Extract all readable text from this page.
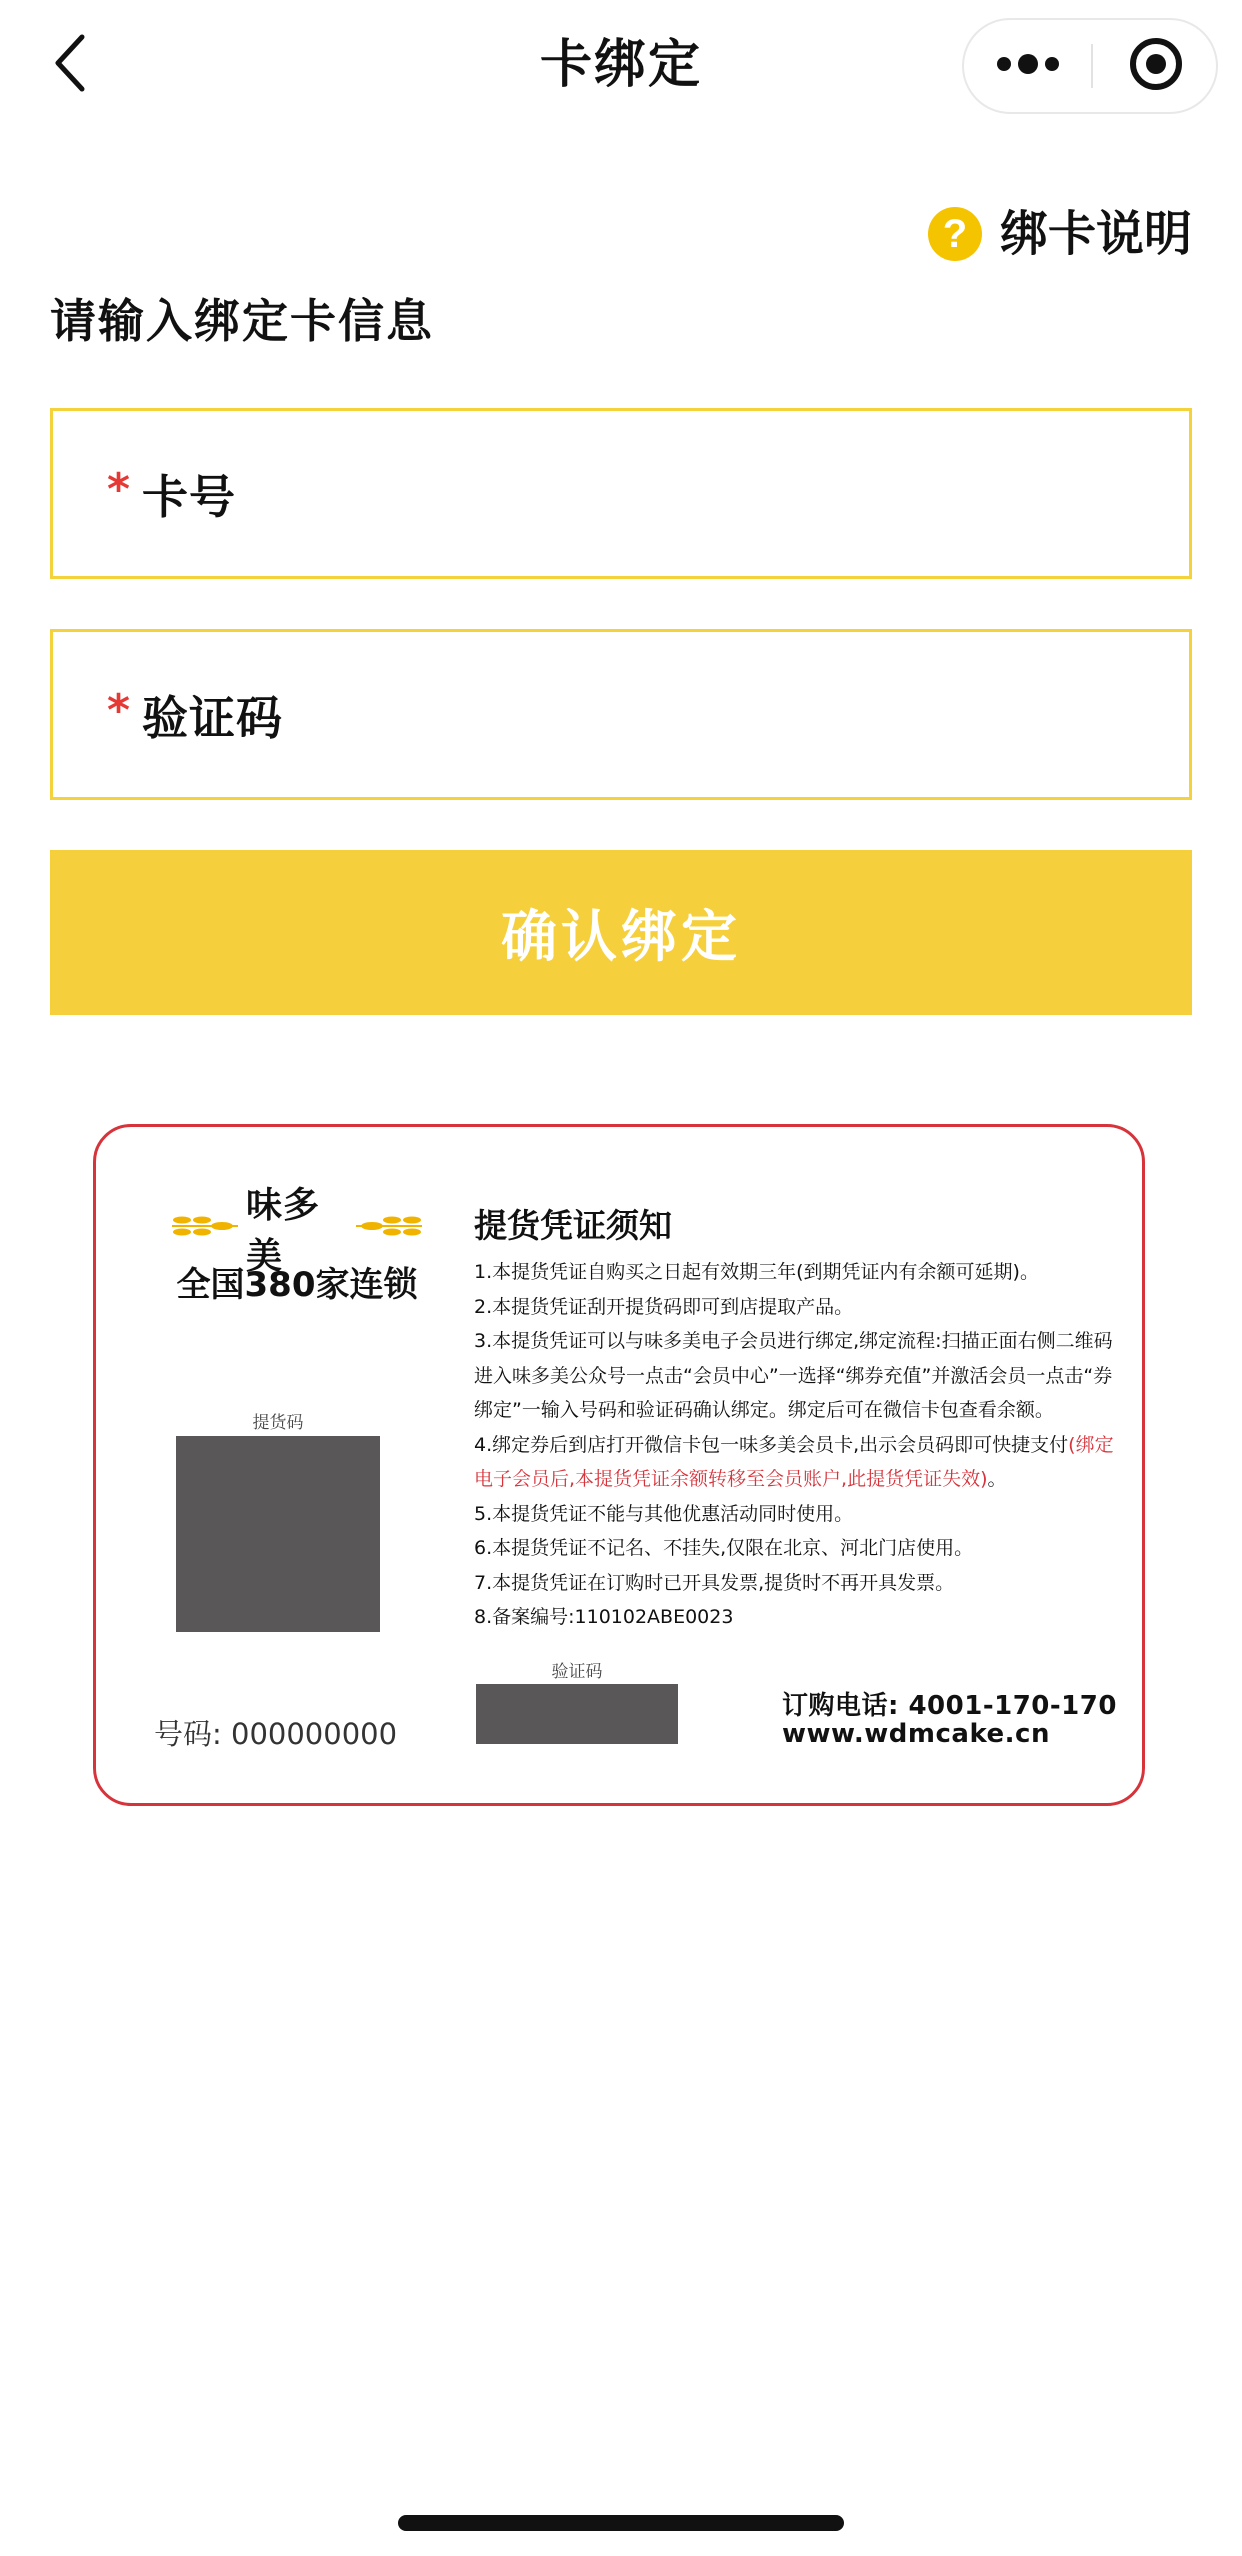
卡绑定
? 绑卡说明
请输入绑定卡信息
* 卡号
* 验证码
确认绑定
味多美
全国380家连锁
提货码
号码: 000000000
验证码
提货凭证须知
1.本提货凭证自购买之日起有效期三年(到期凭证内有余额可延期)。
2.本提货凭证刮开提货码即可到店提取产品。
3.本提货凭证可以与味多美电子会员进行绑定,绑定流程:扫描正面右侧二维码进入味多美公众号一点击“会员中心”一选择“绑券充值”并激活会员一点击“券绑定”一输入号码和验证码确认绑定。绑定后可在微信卡包查看余额。
4.绑定券后到店打开微信卡包一味多美会员卡,出示会员码即可快捷支付(绑定电子会员后,本提货凭证余额转移至会员账户,此提货凭证失效)。
5.本提货凭证不能与其他优惠活动同时使用。
6.本提货凭证不记名、不挂失,仅限在北京、河北门店使用。
7.本提货凭证在订购时已开具发票,提货时不再开具发票。
8.备案编号:110102ABE0023
订购电话: 4001-170-170
www.wdmcake.cn
